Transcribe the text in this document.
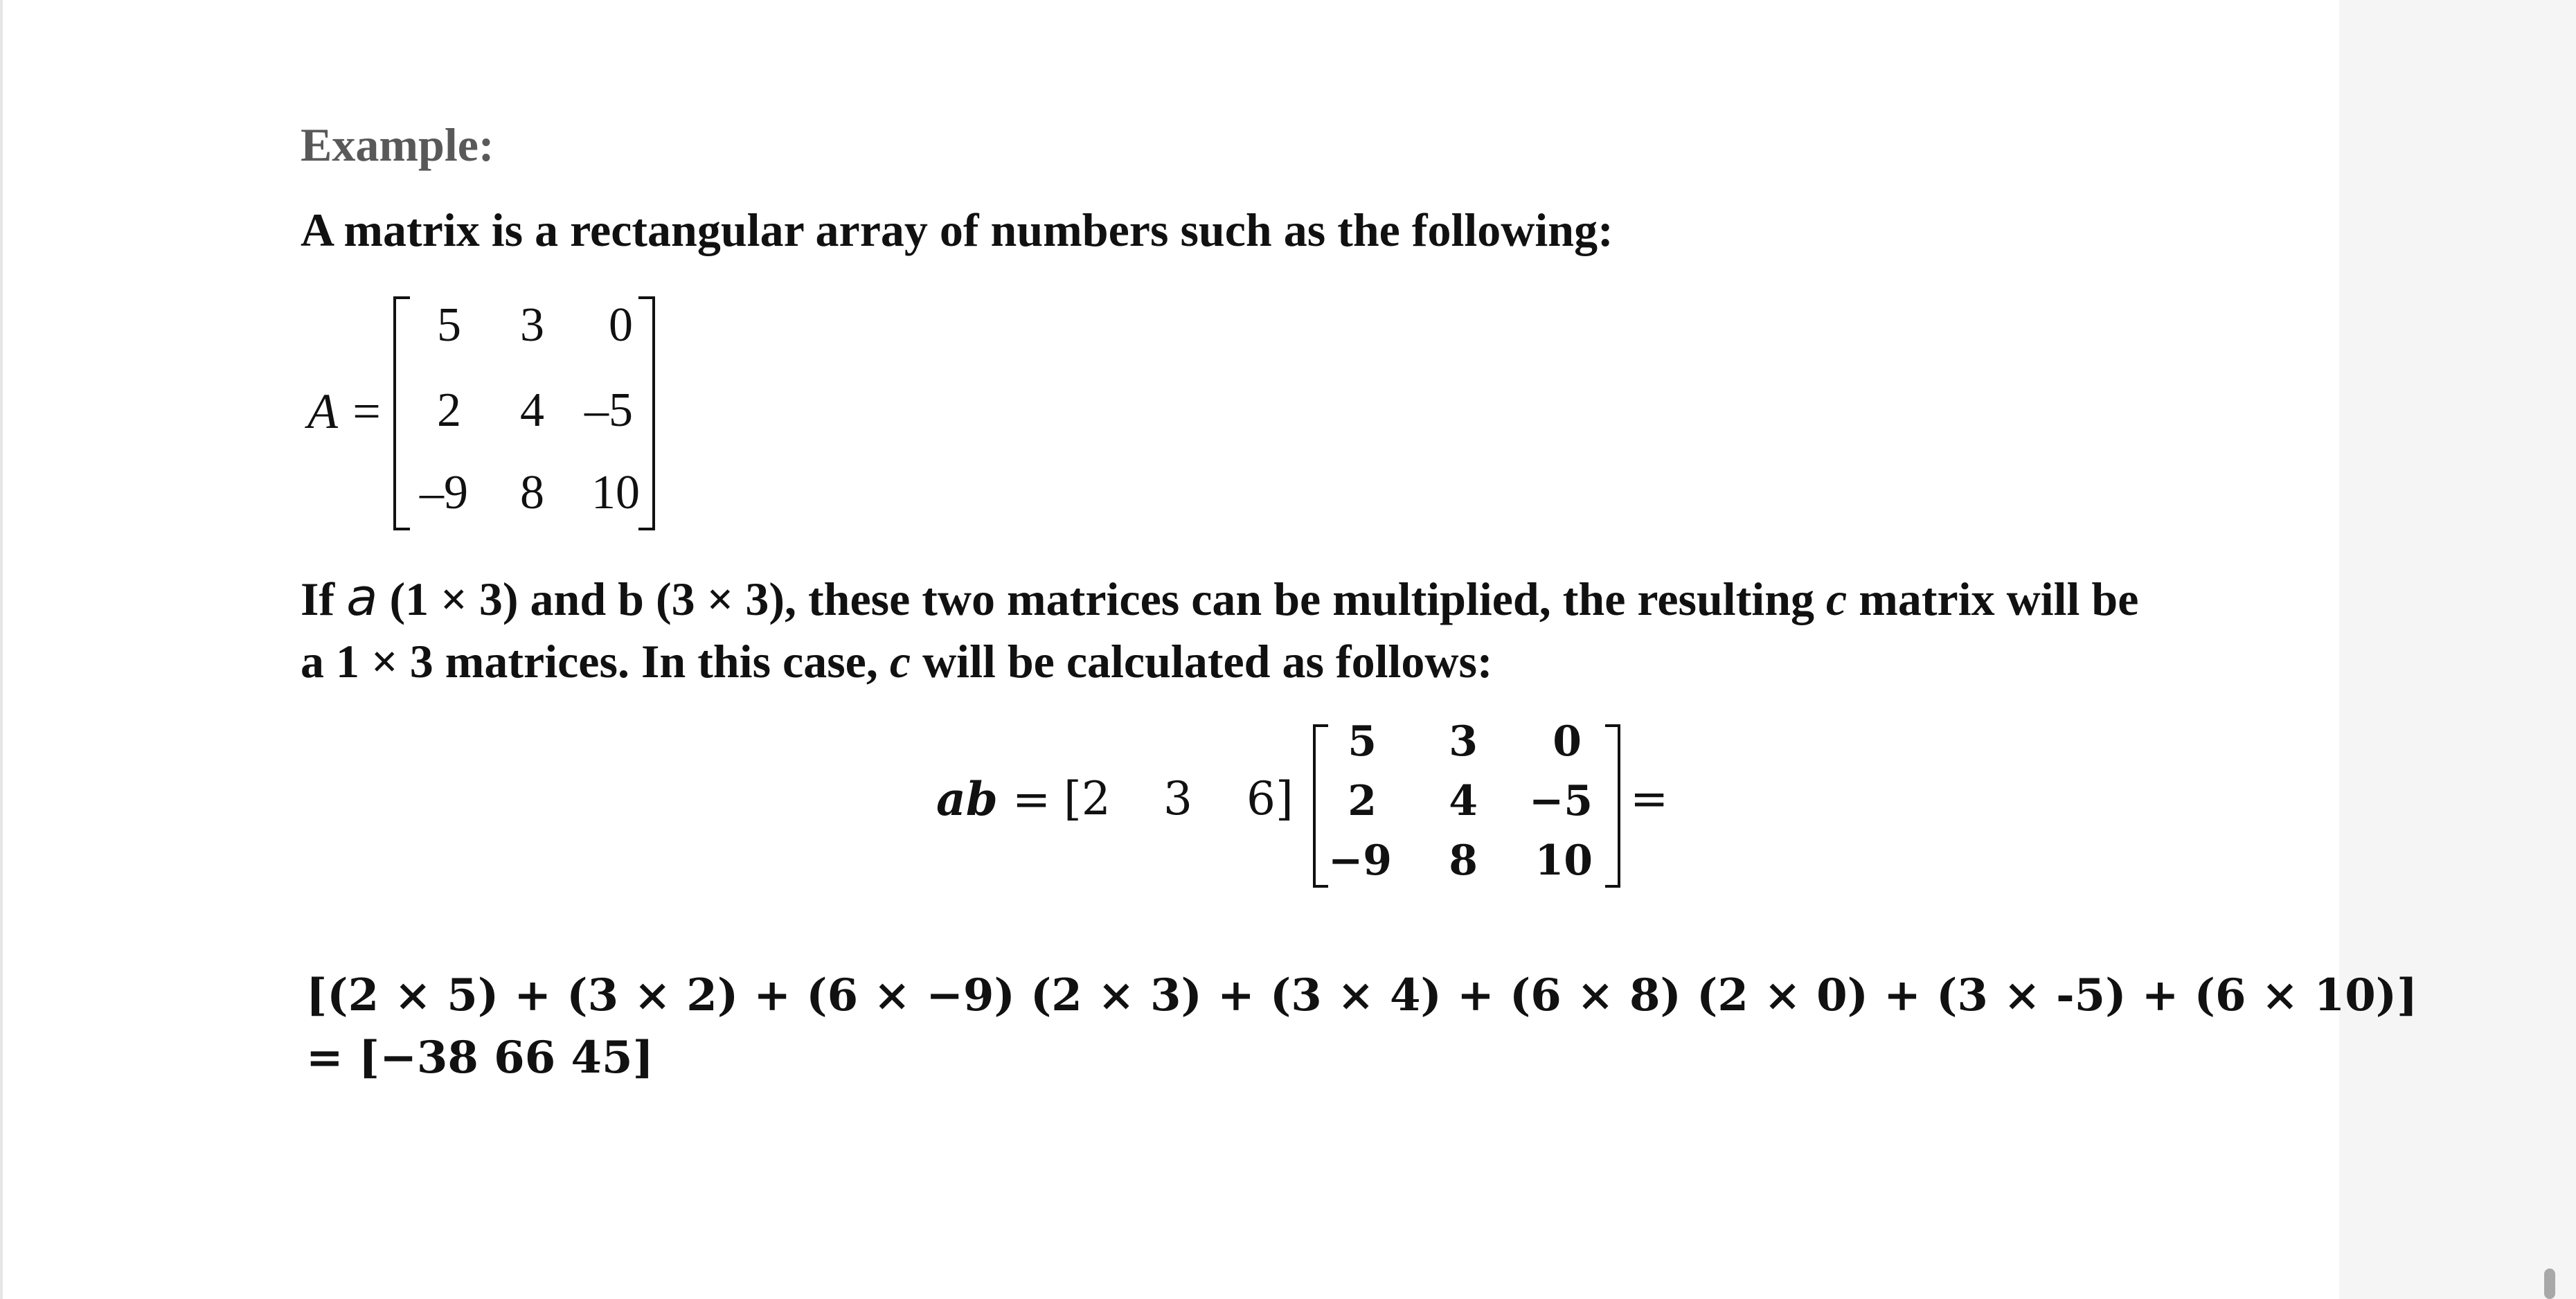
Example:
A matrix is a rectangular array of numbers such as the following:
A =
5	3	0
2	4 –5
–9	8 10
If a (1 × 3) and b (3 × 3), these two matrices can be multiplied, the resulting c matrix will be
a 1 × 3 matrices. In this case, c will be calculated as follows:
ab = [2 3 6]
5	3	0
2	4 −5
−9	8 10
=
[(2 × 5) + (3 × 2) + (6 × −9) (2 × 3) + (3 × 4) + (6 × 8) (2 × 0) + (3 × -5) + (6 × 10)]
= [−38 66 45]
